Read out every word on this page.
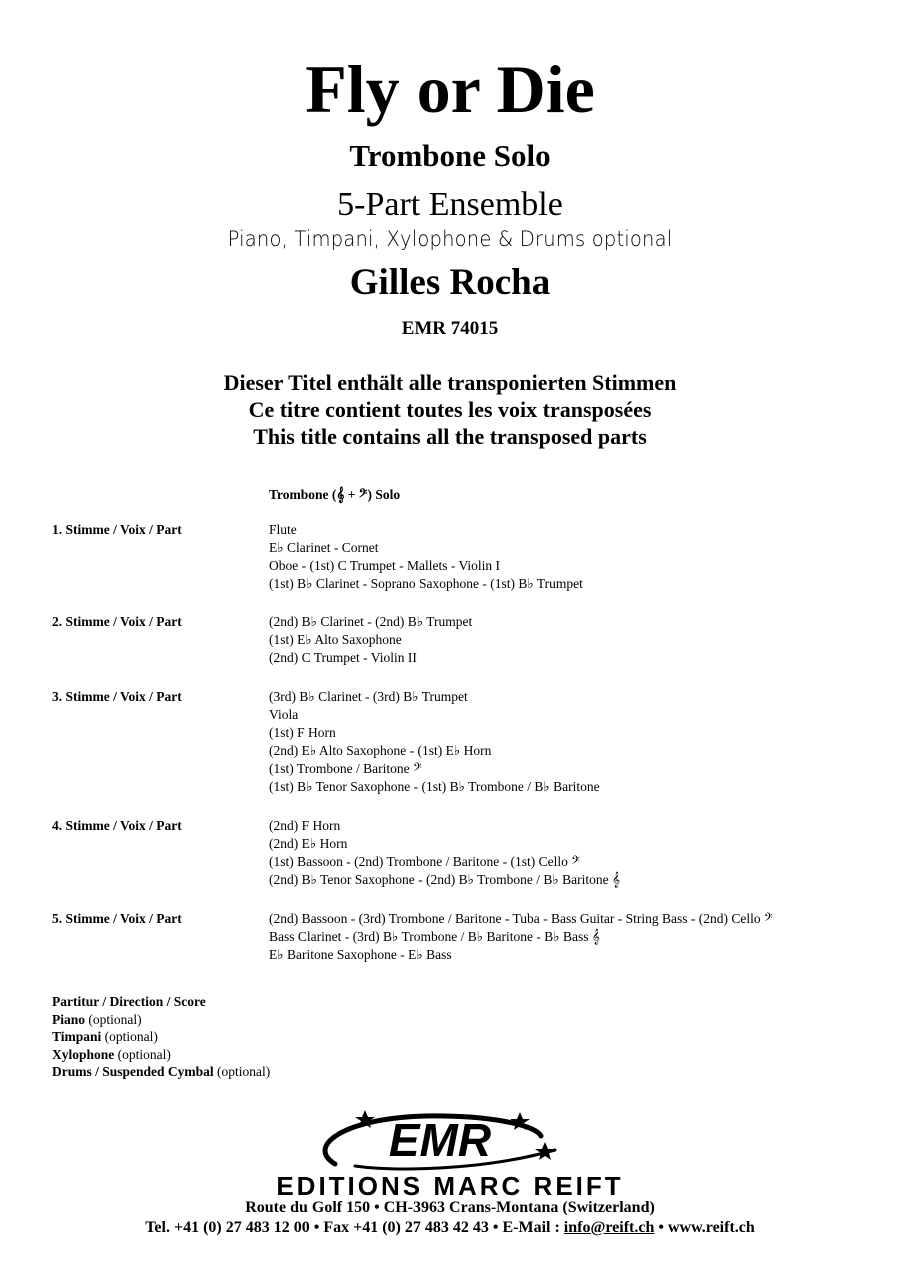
Fly or Die
Trombone Solo
5-Part Ensemble
Piano, Timpani, Xylophone & Drums optional
Gilles Rocha
EMR 74015
Dieser Titel enthält alle transponierten Stimmen
Ce titre contient toutes les voix transposées
This title contains all the transposed parts
Trombone (𝄞 + 𝄢) Solo
1. Stimme / Voix / Part	Flute
E♭ Clarinet - Cornet
Oboe - (1st) C Trumpet - Mallets - Violin I
(1st) B♭ Clarinet - Soprano Saxophone - (1st) B♭ Trumpet
2. Stimme / Voix / Part	(2nd) B♭ Clarinet - (2nd) B♭ Trumpet
(1st) E♭ Alto Saxophone
(2nd) C Trumpet - Violin II
3. Stimme / Voix / Part	(3rd) B♭ Clarinet - (3rd) B♭ Trumpet
Viola
(1st) F Horn
(2nd) E♭ Alto Saxophone - (1st) E♭ Horn
(1st) Trombone / Baritone 𝄢
(1st) B♭ Tenor Saxophone - (1st) B♭ Trombone / B♭ Baritone
4. Stimme / Voix / Part	(2nd) F Horn
(2nd) E♭ Horn
(1st) Bassoon - (2nd) Trombone / Baritone - (1st) Cello 𝄢
(2nd) B♭ Tenor Saxophone - (2nd) B♭ Trombone / B♭ Baritone 𝄞
5. Stimme / Voix / Part	(2nd) Bassoon - (3rd) Trombone / Baritone - Tuba - Bass Guitar - String Bass - (2nd) Cello 𝄢
Bass Clarinet - (3rd) B♭ Trombone / B♭ Baritone - B♭ Bass 𝄞
E♭ Baritone Saxophone - E♭ Bass
Partitur / Direction / Score
Piano (optional)
Timpani (optional)
Xylophone (optional)
Drums / Suspended Cymbal (optional)
EMR
EDITIONS MARC REIFT
Route du Golf 150 • CH-3963 Crans-Montana (Switzerland)
Tel. +41 (0) 27 483 12 00 • Fax +41 (0) 27 483 42 43 • E-Mail : info@reift.ch • www.reift.ch
